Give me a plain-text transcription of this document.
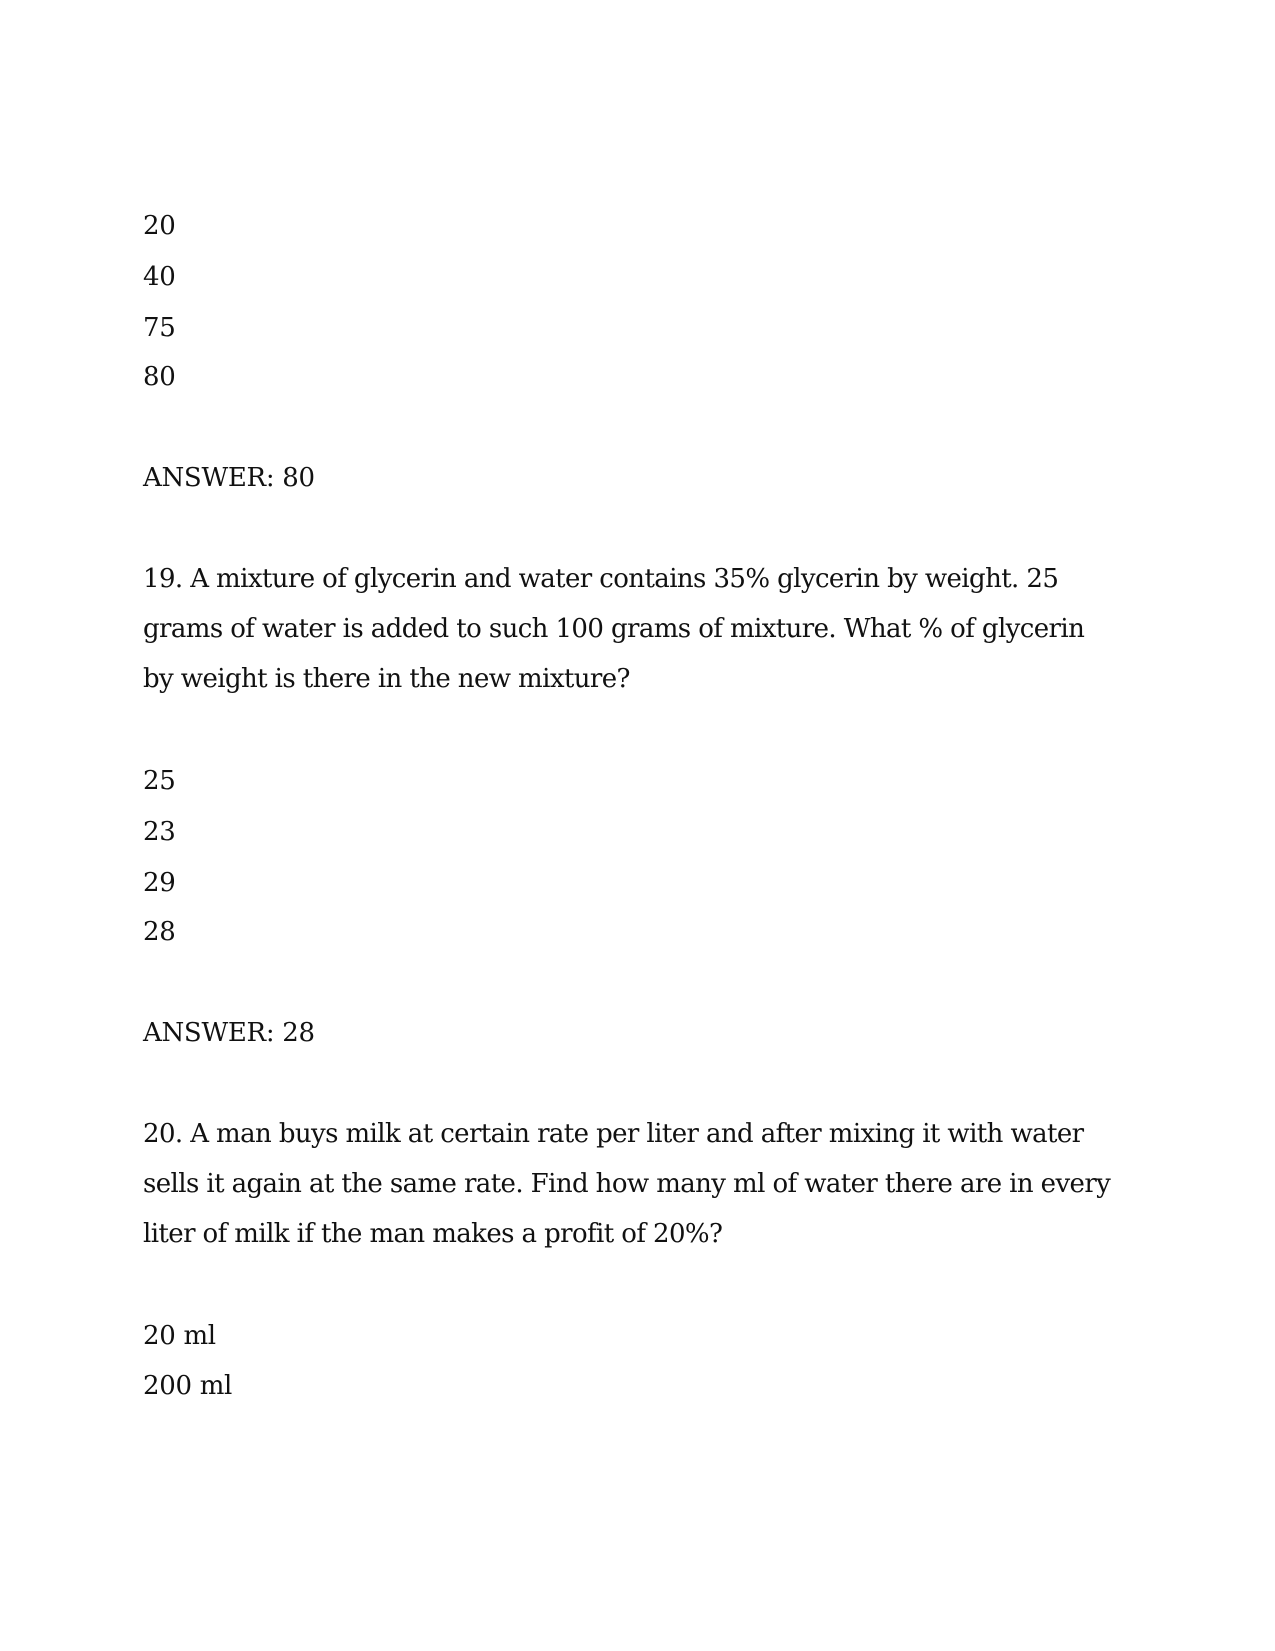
20
40
75
80
ANSWER: 80
19. A mixture of glycerin and water contains 35% glycerin by weight. 25
grams of water is added to such 100 grams of mixture. What % of glycerin
by weight is there in the new mixture?
25
23
29
28
ANSWER: 28
20. A man buys milk at certain rate per liter and after mixing it with water
sells it again at the same rate. Find how many ml of water there are in every
liter of milk if the man makes a profit of 20%?
20 ml
200 ml
